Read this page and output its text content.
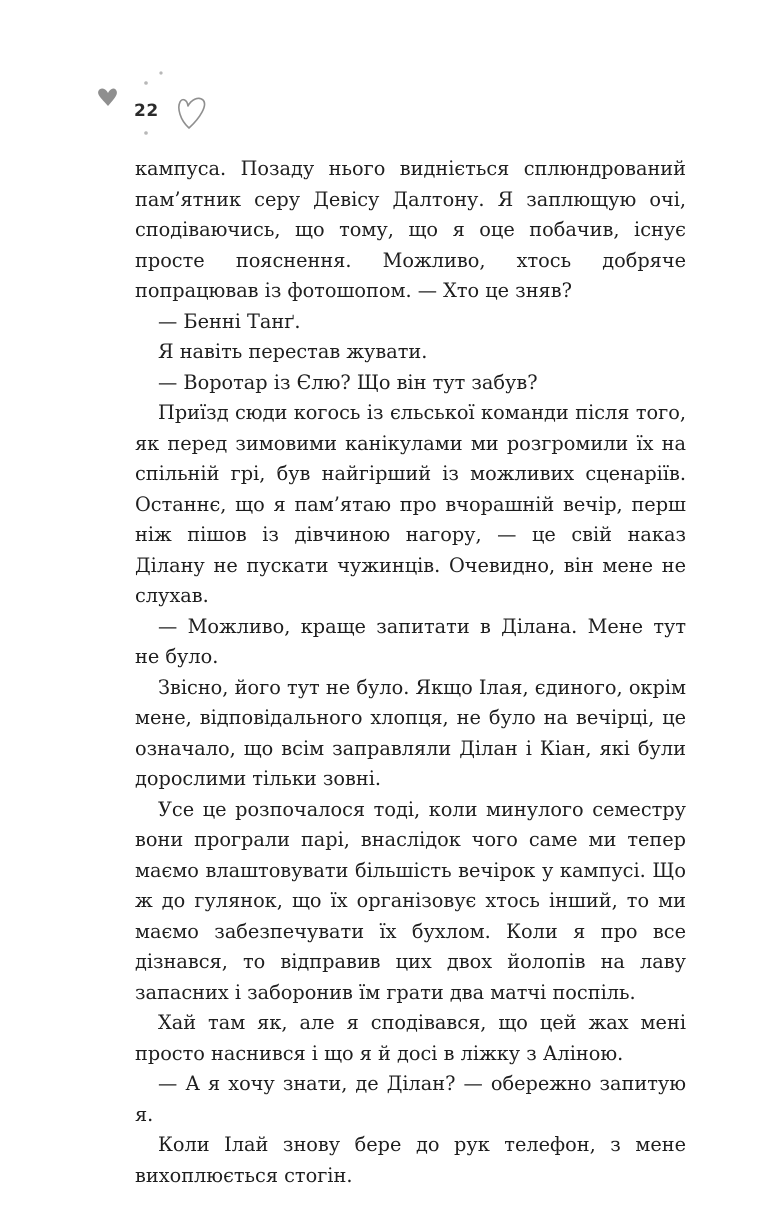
22

кампуса. Позаду нього видніється сплюндрований пам’ятник серу Девісу Далтону. Я заплющую очі, сподіваючись, що тому, що я оце побачив, існує просте пояснення. Можливо, хтось добряче попрацював із фотошопом. — Хто це зняв?

— Бенні Танґ.

Я навіть перестав жувати.

— Воротар із Єлю? Що він тут забув?

Приїзд сюди когось із єльської команди після того, як перед зимовими канікулами ми розгромили їх на спільній грі, був найгірший із можливих сценаріїв. Останнє, що я пам’ятаю про вчорашній вечір, перш ніж пішов із дівчиною нагору, — це свій наказ Ділану не пускати чужинців. Очевидно, він мене не слухав.

— Можливо, краще запитати в Ділана. Мене тут не було.

Звісно, його тут не було. Якщо Ілая, єдиного, окрім мене, відповідального хлопця, не було на вечірці, це означало, що всім заправляли Ділан і Кіан, які були дорослими тільки зовні.

Усе це розпочалося тоді, коли минулого семестру вони програли парі, внаслідок чого саме ми тепер маємо влаштовувати більшість вечірок у кампусі. Що ж до гулянок, що їх організовує хтось інший, то ми маємо забезпечувати їх бухлом. Коли я про все дізнався, то відправив цих двох йолопів на лаву запасних і заборонив їм грати два матчі поспіль.

Хай там як, але я сподівався, що цей жах мені просто наснився і що я й досі в ліжку з Аліною.

— А я хочу знати, де Ділан? — обережно запитую я.

Коли Ілай знову бере до рук телефон, з мене вихоплюється стогін.
